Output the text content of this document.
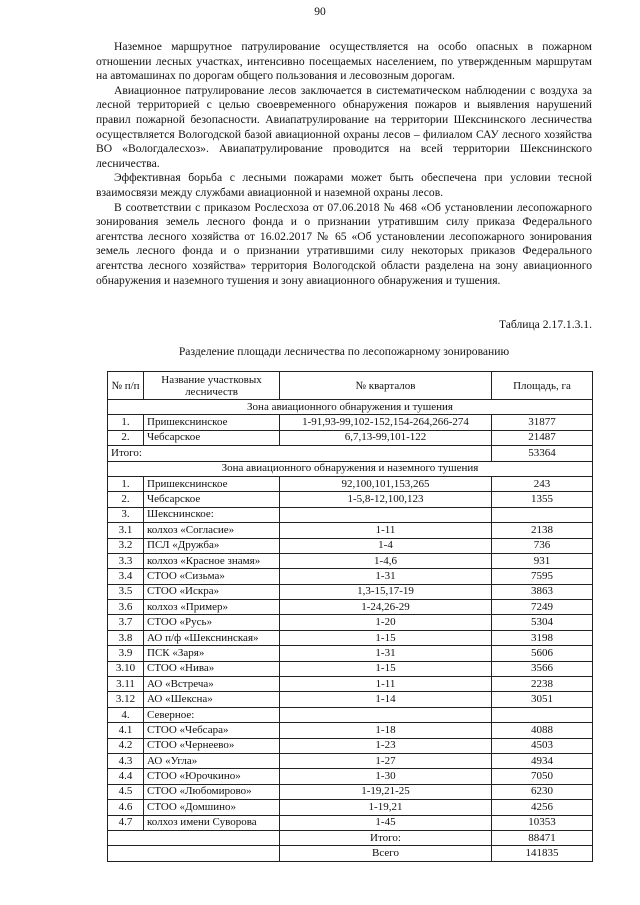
90

Наземное маршрутное патрулирование осуществляется на особо опасных в пожарном отношении лесных участках, интенсивно посещаемых населением, по утвержденным маршрутам на автомашинах по дорогам общего пользования и лесовозным дорогам.

Авиационное патрулирование лесов заключается в систематическом наблюдении с воздуха за лесной территорией с целью своевременного обнаружения пожаров и выявления нарушений правил пожарной безопасности. Авиапатрулирование на территории Шекснинского лесничества осуществляется Вологодской базой авиационной охраны лесов – филиалом САУ лесного хозяйства ВО «Вологдалесхоз». Авиапатрулирование проводится на всей территории Шекснинского лесничества.

Эффективная борьба с лесными пожарами может быть обеспечена при условии тесной взаимосвязи между службами авиационной и наземной охраны лесов.

В соответствии с приказом Рослесхоза от 07.06.2018 № 468 «Об установлении лесопожарного зонирования земель лесного фонда и о признании утратившим силу приказа Федерального агентства лесного хозяйства от 16.02.2017 № 65 «Об установлении лесопожарного зонирования земель лесного фонда и о признании утратившими силу некоторых приказов Федерального агентства лесного хозяйства» территория Вологодской области разделена на зону авиационного обнаружения и наземного тушения и зону авиационного обнаружения и тушения.

Таблица 2.17.1.3.1.
Разделение площади лесничества по лесопожарному зонированию
№ п/п	Название участковых лесничеств	№ кварталов	Площадь, га
Зона авиационного обнаружения и тушения			
1.	Пришекснинское	1-91,93-99,102-152,154-264,266-274	31877
2.	Чебсарское	6,7,13-99,101-122	21487
Итого:			53364
Зона авиационного обнаружения и наземного тушения			
1.	Пришекснинское	92,100,101,153,265	243
2.	Чебсарское	1-5,8-12,100,123	1355
3.	Шекснинское:		
3.1	колхоз «Согласие»	1-11	2138
3.2	ПСЛ «Дружба»	1-4	736
3.3	колхоз «Красное знамя»	1-4,6	931
3.4	СТОО «Сизьма»	1-31	7595
3.5	СТОО «Искра»	1,3-15,17-19	3863
3.6	колхоз «Пример»	1-24,26-29	7249
3.7	СТОО «Русь»	1-20	5304
3.8	АО п/ф «Шекснинская»	1-15	3198
3.9	ПСК «Заря»	1-31	5606
3.10	СТОО «Нива»	1-15	3566
3.11	АО «Встреча»	1-11	2238
3.12	АО «Шексна»	1-14	3051
4.	Северное:		
4.1	СТОО «Чебсара»	1-18	4088
4.2	СТОО «Чернеево»	1-23	4503
4.3	АО «Угла»	1-27	4934
4.4	СТОО «Юрочкино»	1-30	7050
4.5	СТОО «Любомирово»	1-19,21-25	6230
4.6	СТОО «Домшино»	1-19,21	4256
4.7	колхоз имени Суворова	1-45	10353
		Итого:	88471
		Всего	141835
